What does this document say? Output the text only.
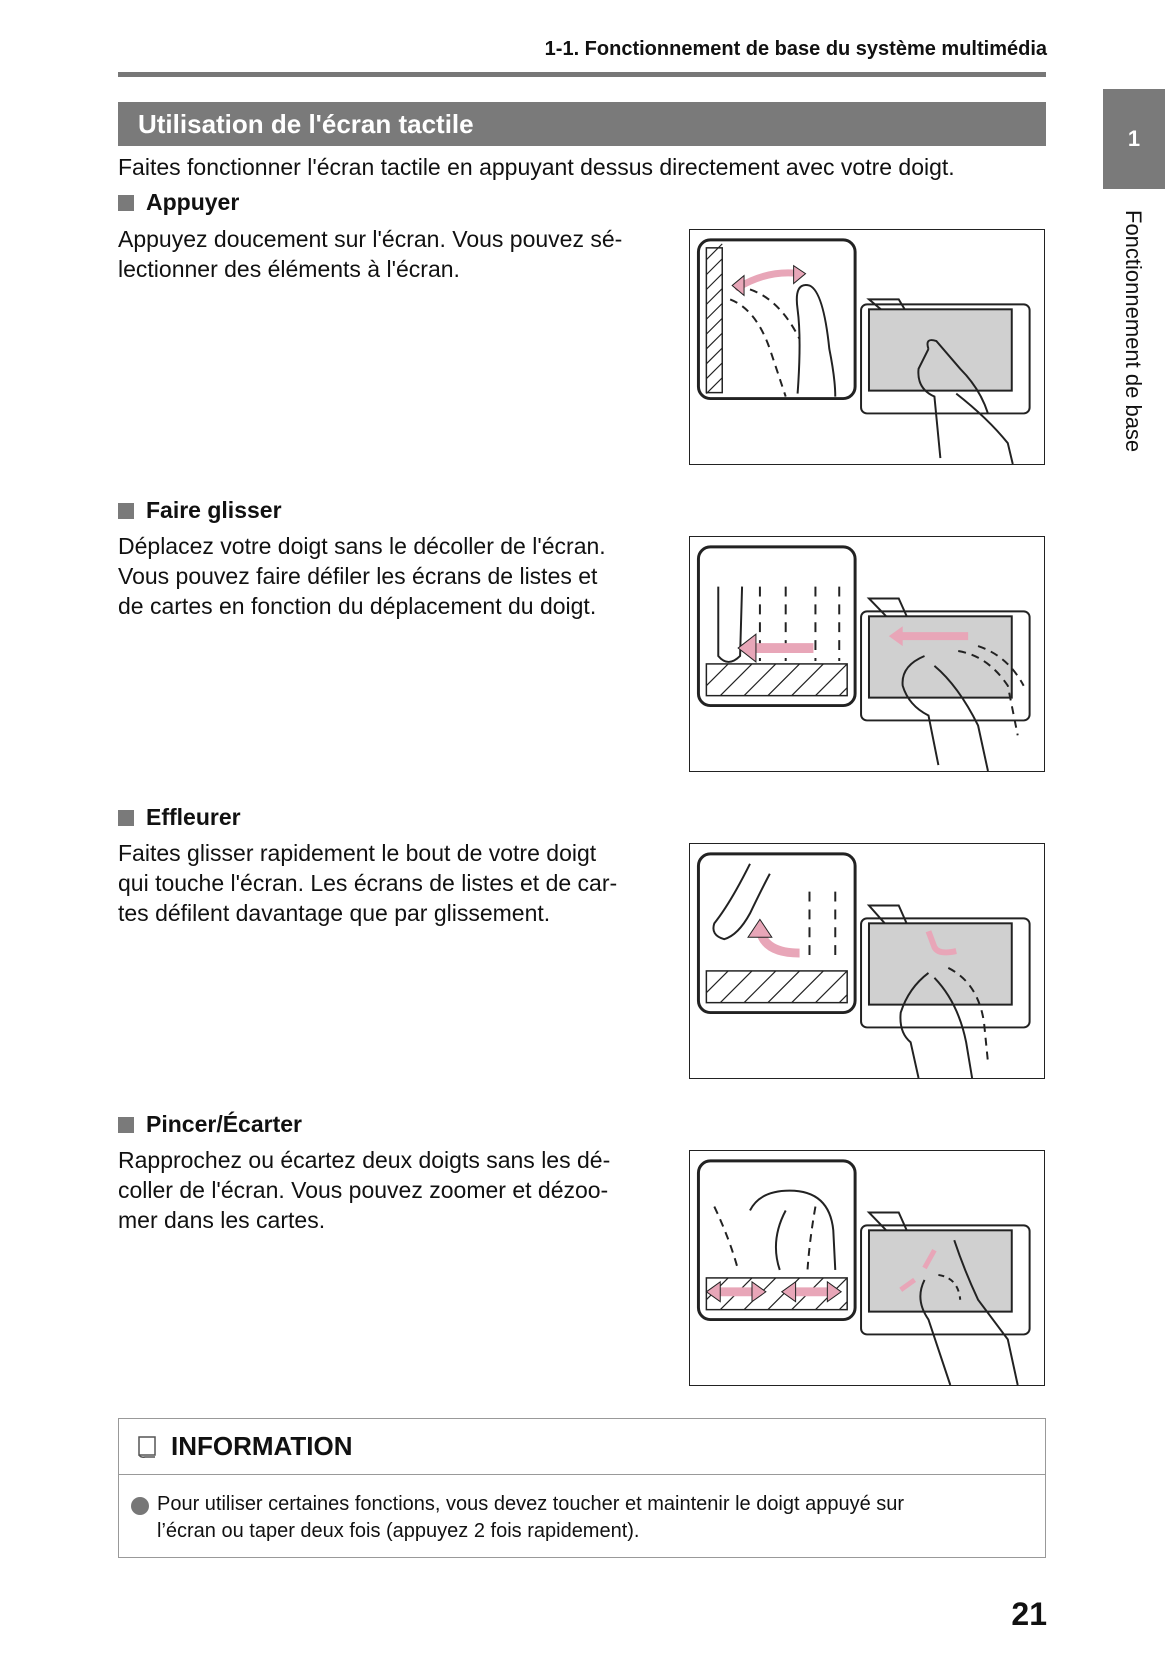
1-1. Fonctionnement de base du système multimédia
Utilisation de l'écran tactile
Faites fonctionner l'écran tactile en appuyant dessus directement avec votre doigt.
1
Fonctionnement de base
Appuyer
Appuyez doucement sur l'écran. Vous pouvez sé-
lectionner des éléments à l'écran.
Faire glisser
Déplacez votre doigt sans le décoller de l'écran.
Vous pouvez faire défiler les écrans de listes et
de cartes en fonction du déplacement du doigt.
Effleurer
Faites glisser rapidement le bout de votre doigt
qui touche l'écran. Les écrans de listes et de car-
tes défilent davantage que par glissement.
Pincer/Écarter
Rapprochez ou écartez deux doigts sans les dé-
coller de l'écran. Vous pouvez zoomer et dézoo-
mer dans les cartes.
INFORMATION
Pour utiliser certaines fonctions, vous devez toucher et maintenir le doigt appuyé sur
l’écran ou taper deux fois (appuyez 2 fois rapidement).
21
